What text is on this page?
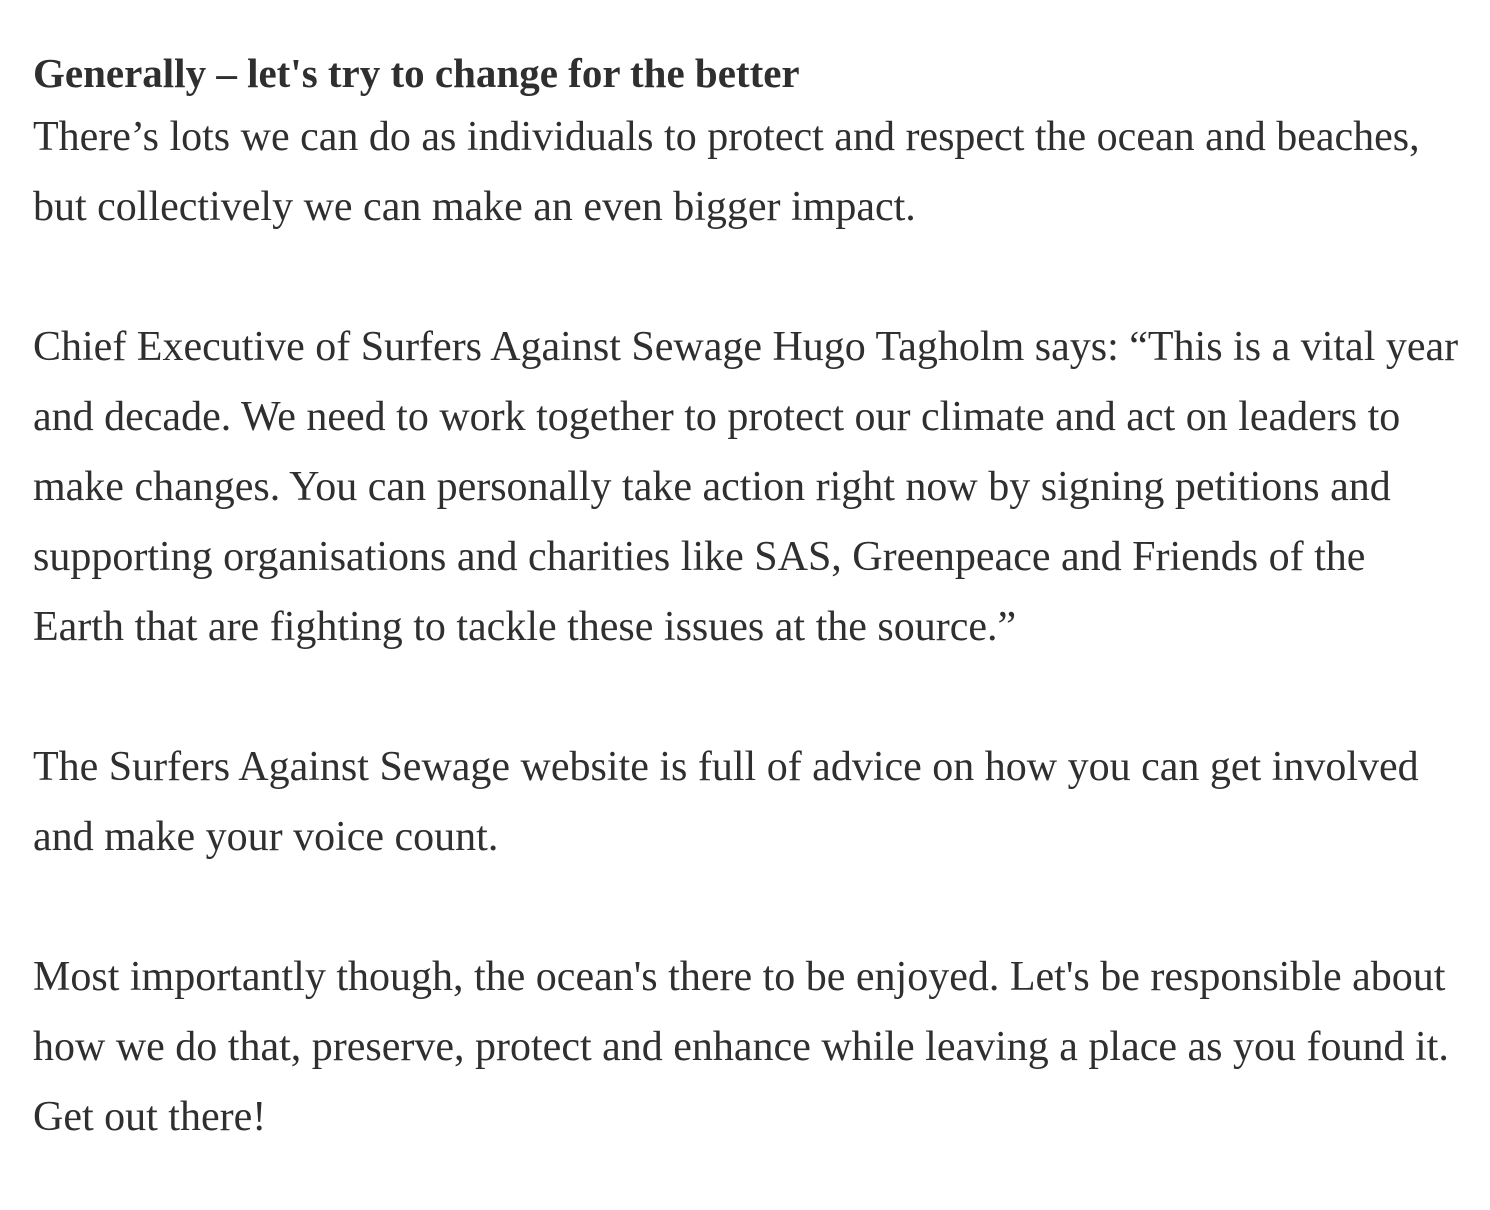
Generally – let's try to change for the better

There’s lots we can do as individuals to protect and respect the ocean and beaches, but collectively we can make an even bigger impact.

Chief Executive of Surfers Against Sewage Hugo Tagholm says: “This is a vital year and decade. We need to work together to protect our climate and act on leaders to make changes. You can personally take action right now by signing petitions and supporting organisations and charities like SAS, Greenpeace and Friends of the Earth that are fighting to tackle these issues at the source.”

The Surfers Against Sewage website is full of advice on how you can get involved and make your voice count.

Most importantly though, the ocean's there to be enjoyed. Let's be responsible about how we do that, preserve, protect and enhance while leaving a place as you found it. Get out there!
